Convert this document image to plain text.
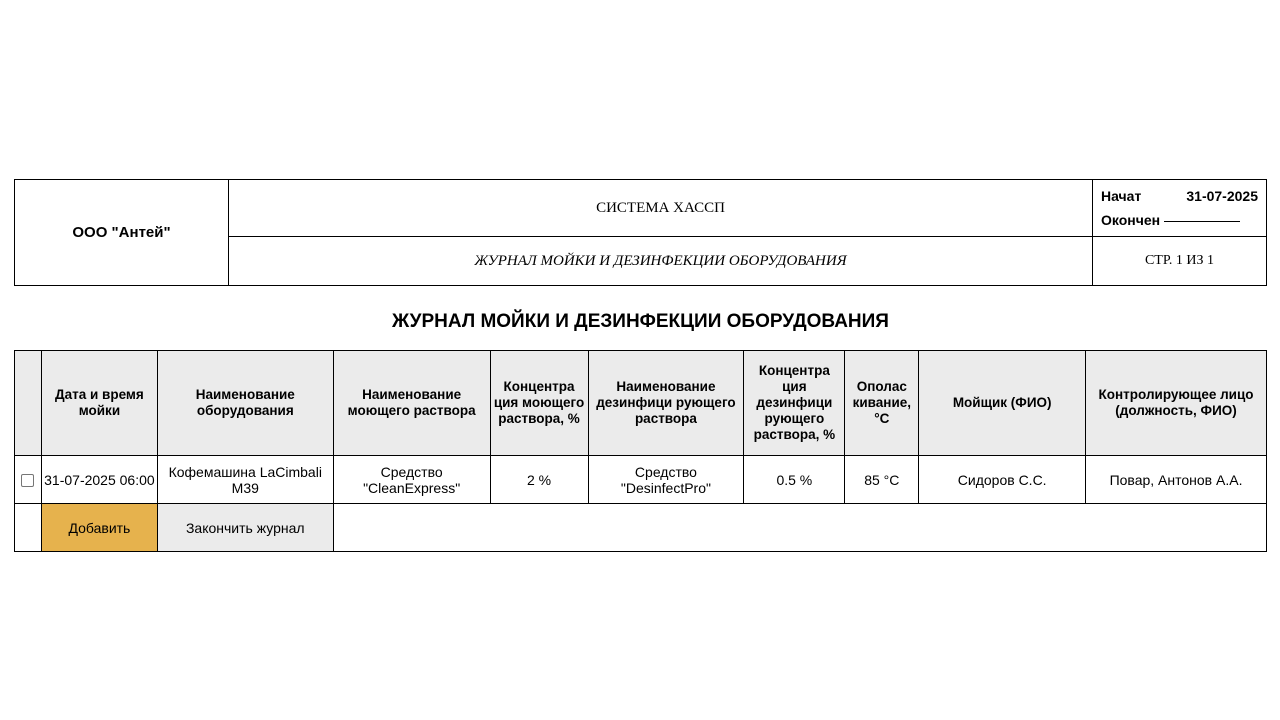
ООО "Антей"	СИСТЕМА ХАССП	Начат 31-07-2025
Окончен

	ЖУРНАЛ МОЙКИ И ДЕЗИНФЕКЦИИ ОБОРУДОВАНИЯ	СТР. 1 ИЗ 1
ЖУРНАЛ МОЙКИ И ДЕЗИНФЕКЦИИ ОБОРУДОВАНИЯ
	Дата и время мойки	Наименование оборудования	Наименование моющего раствора	Концентра ция моющего раствора, %	Наименование дезинфици рующего раствора	Концентра ция дезинфици рующего раствора, %	Ополас кивание, °C	Мойщик (ФИО)	Контролирующее лицо (должность, ФИО)
	31-07-2025 06:00	Кофемашина LaCimbali M39	Средство "CleanExpress"	2 %	Средство "DesinfectPro"	0.5 %	85 °C	Сидоров С.С.	Повар, Антонов А.А.
	Добавить	Закончить журнал							
